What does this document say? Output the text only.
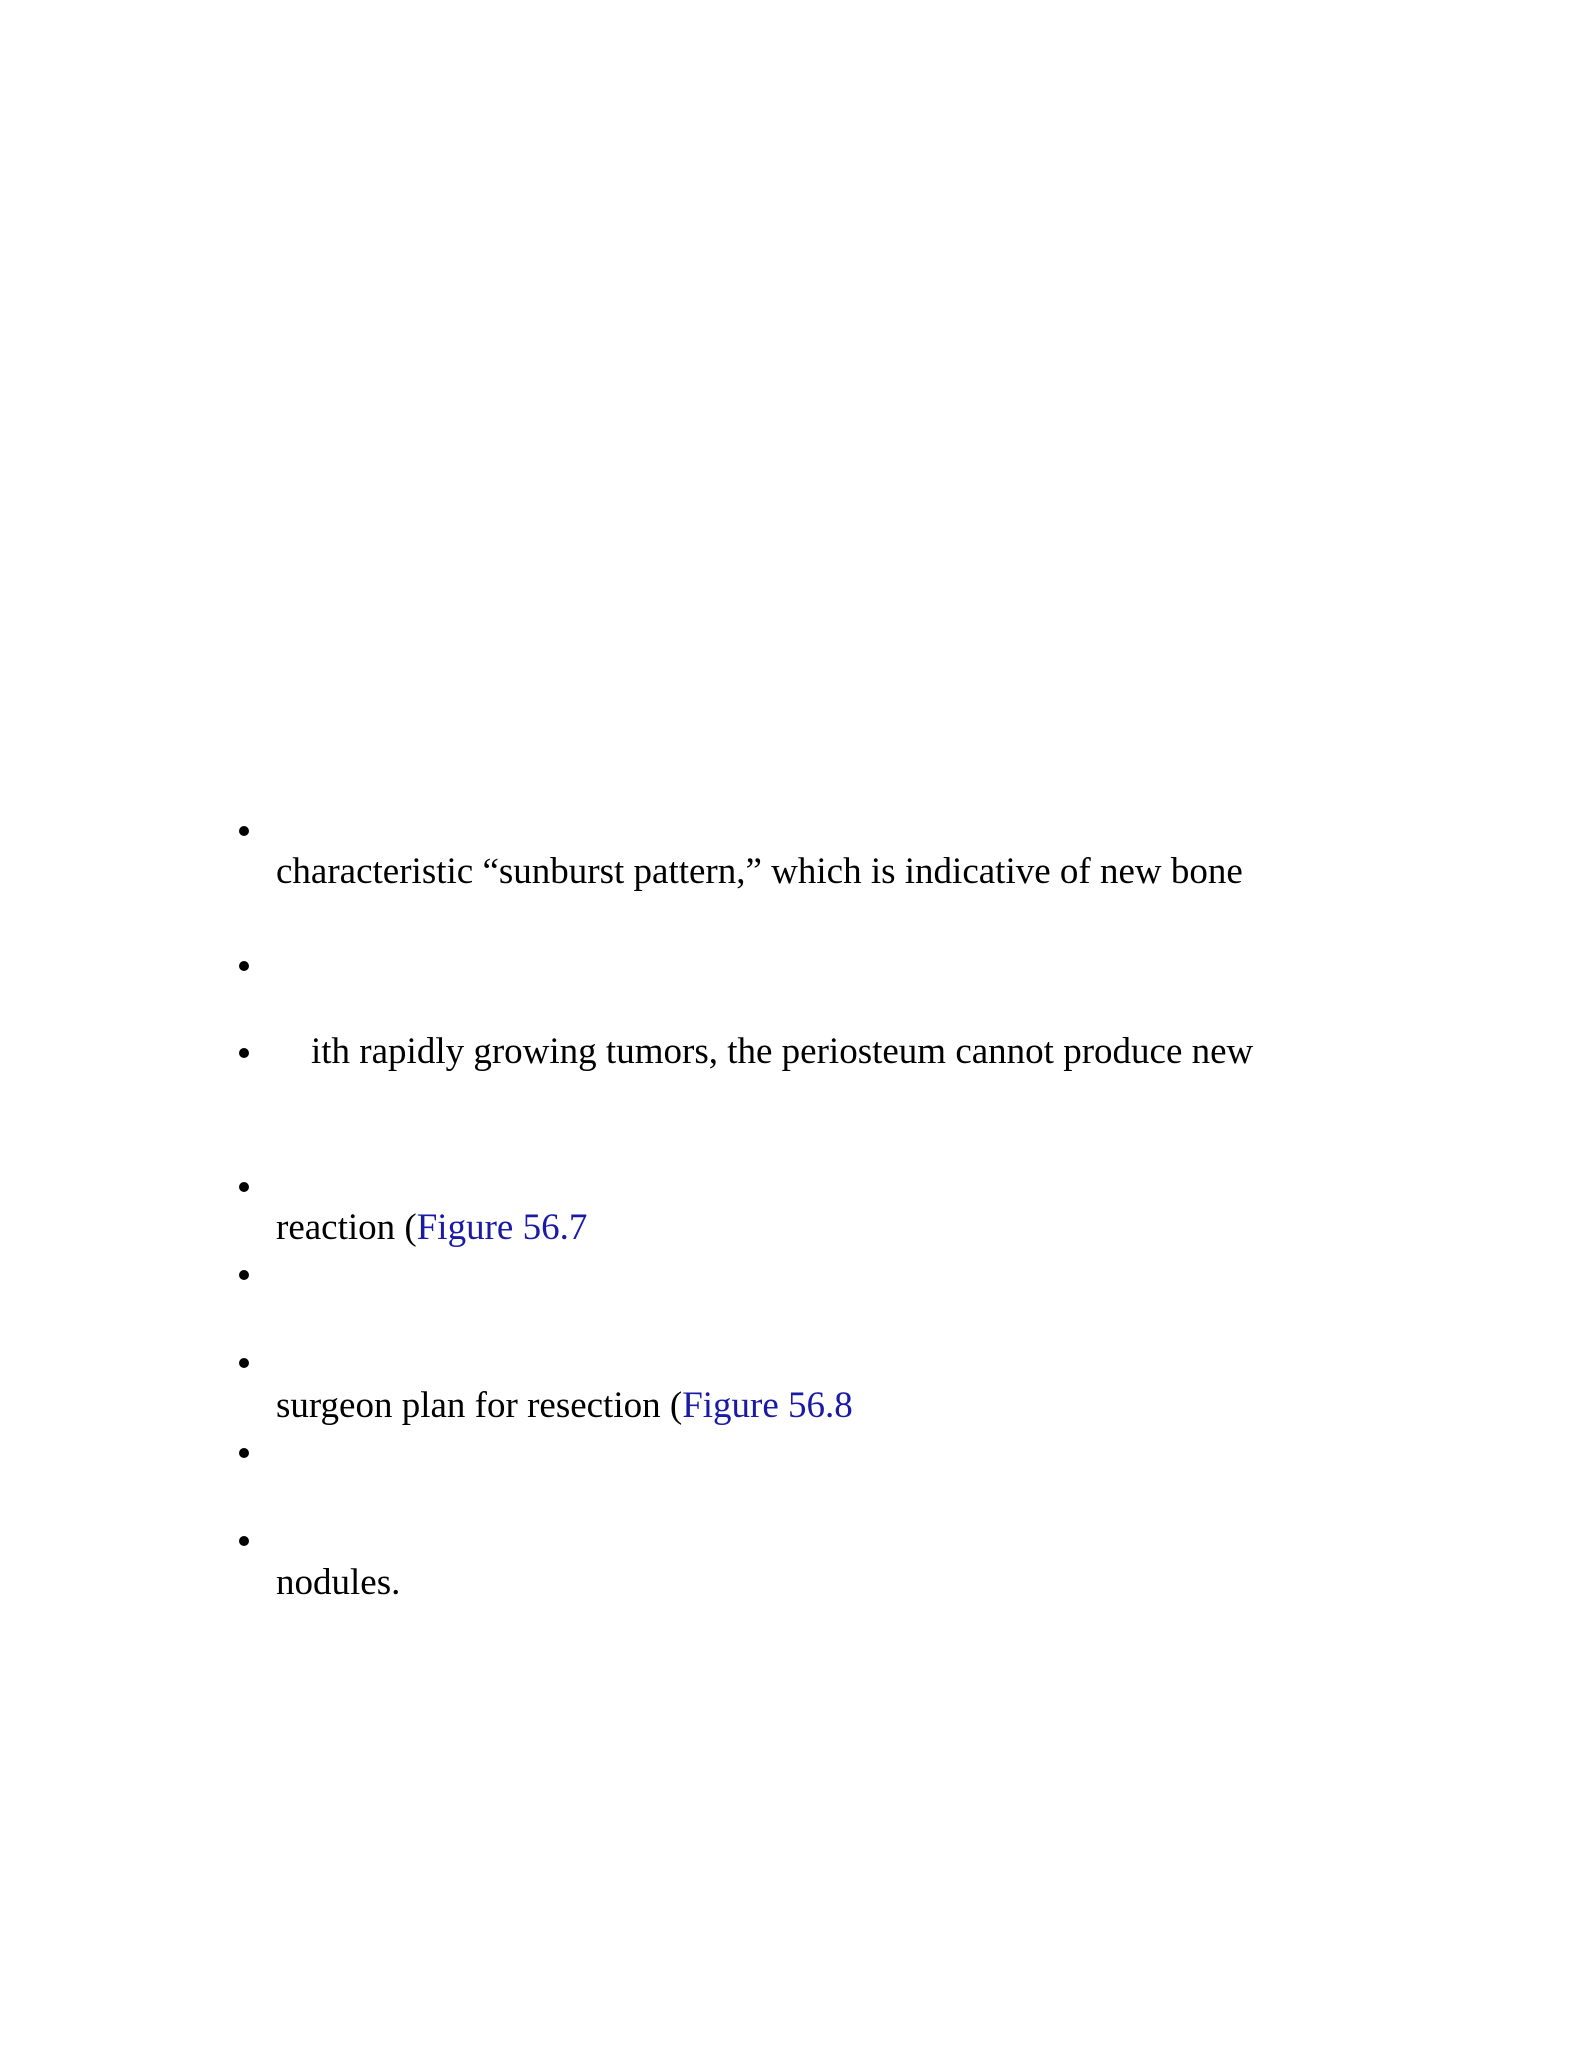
characteristic “sunburst pattern,” which is indicative of new bone
ith rapidly growing tumors, the periosteum cannot produce new
reaction (Figure 56.7
surgeon plan for resection (Figure 56.8
nodules.
